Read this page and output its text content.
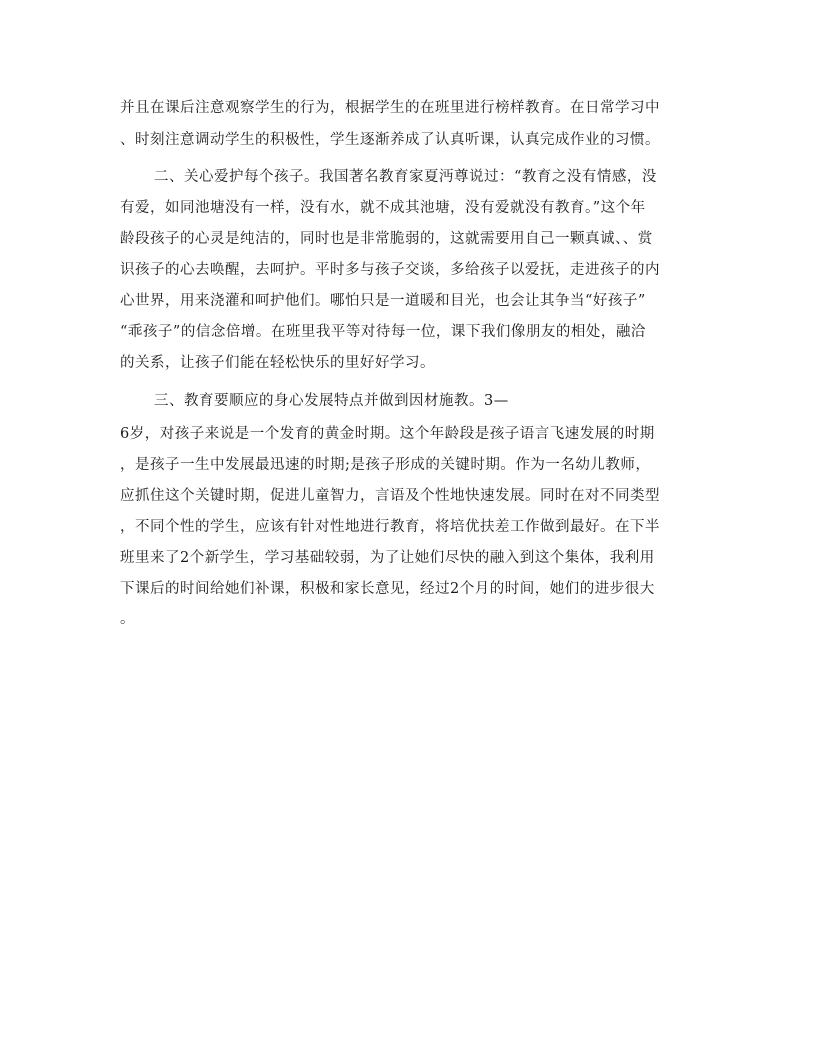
并且在课后注意观察学生的行为，根据学生的在班里进行榜样教育。在日常学习中
、时刻注意调动学生的积极性，学生逐渐养成了认真听课，认真完成作业的习惯。
二、关心爱护每个孩子。我国著名教育家夏沔尊说过：“教育之没有情感，没
有爱，如同池塘没有一样，没有水，就不成其池塘，没有爱就没有教育。”这个年
龄段孩子的心灵是纯洁的，同时也是非常脆弱的，这就需要用自己一颗真诚、、赏
识孩子的心去唤醒，去呵护。平时多与孩子交谈，多给孩子以爱抚，走进孩子的内
心世界，用来浇灌和呵护他们。哪怕只是一道暖和目光，也会让其争当“好孩子”
“乖孩子”的信念倍增。在班里我平等对待每一位，课下我们像朋友的相处，融洽
的关系，让孩子们能在轻松快乐的里好好学习。
三、教育要顺应的身心发展特点并做到因材施教。3—
6岁，对孩子来说是一个发育的黄金时期。这个年龄段是孩子语言飞速发展的时期
，是孩子一生中发展最迅速的时期;是孩子形成的关键时期。作为一名幼儿教师，
应抓住这个关键时期，促进儿童智力，言语及个性地快速发展。同时在对不同类型
，不同个性的学生，应该有针对性地进行教育，将培优扶差工作做到最好。在下半
班里来了2个新学生，学习基础较弱，为了让她们尽快的融入到这个集体，我利用
下课后的时间给她们补课，积极和家长意见，经过2个月的时间，她们的进步很大
。
